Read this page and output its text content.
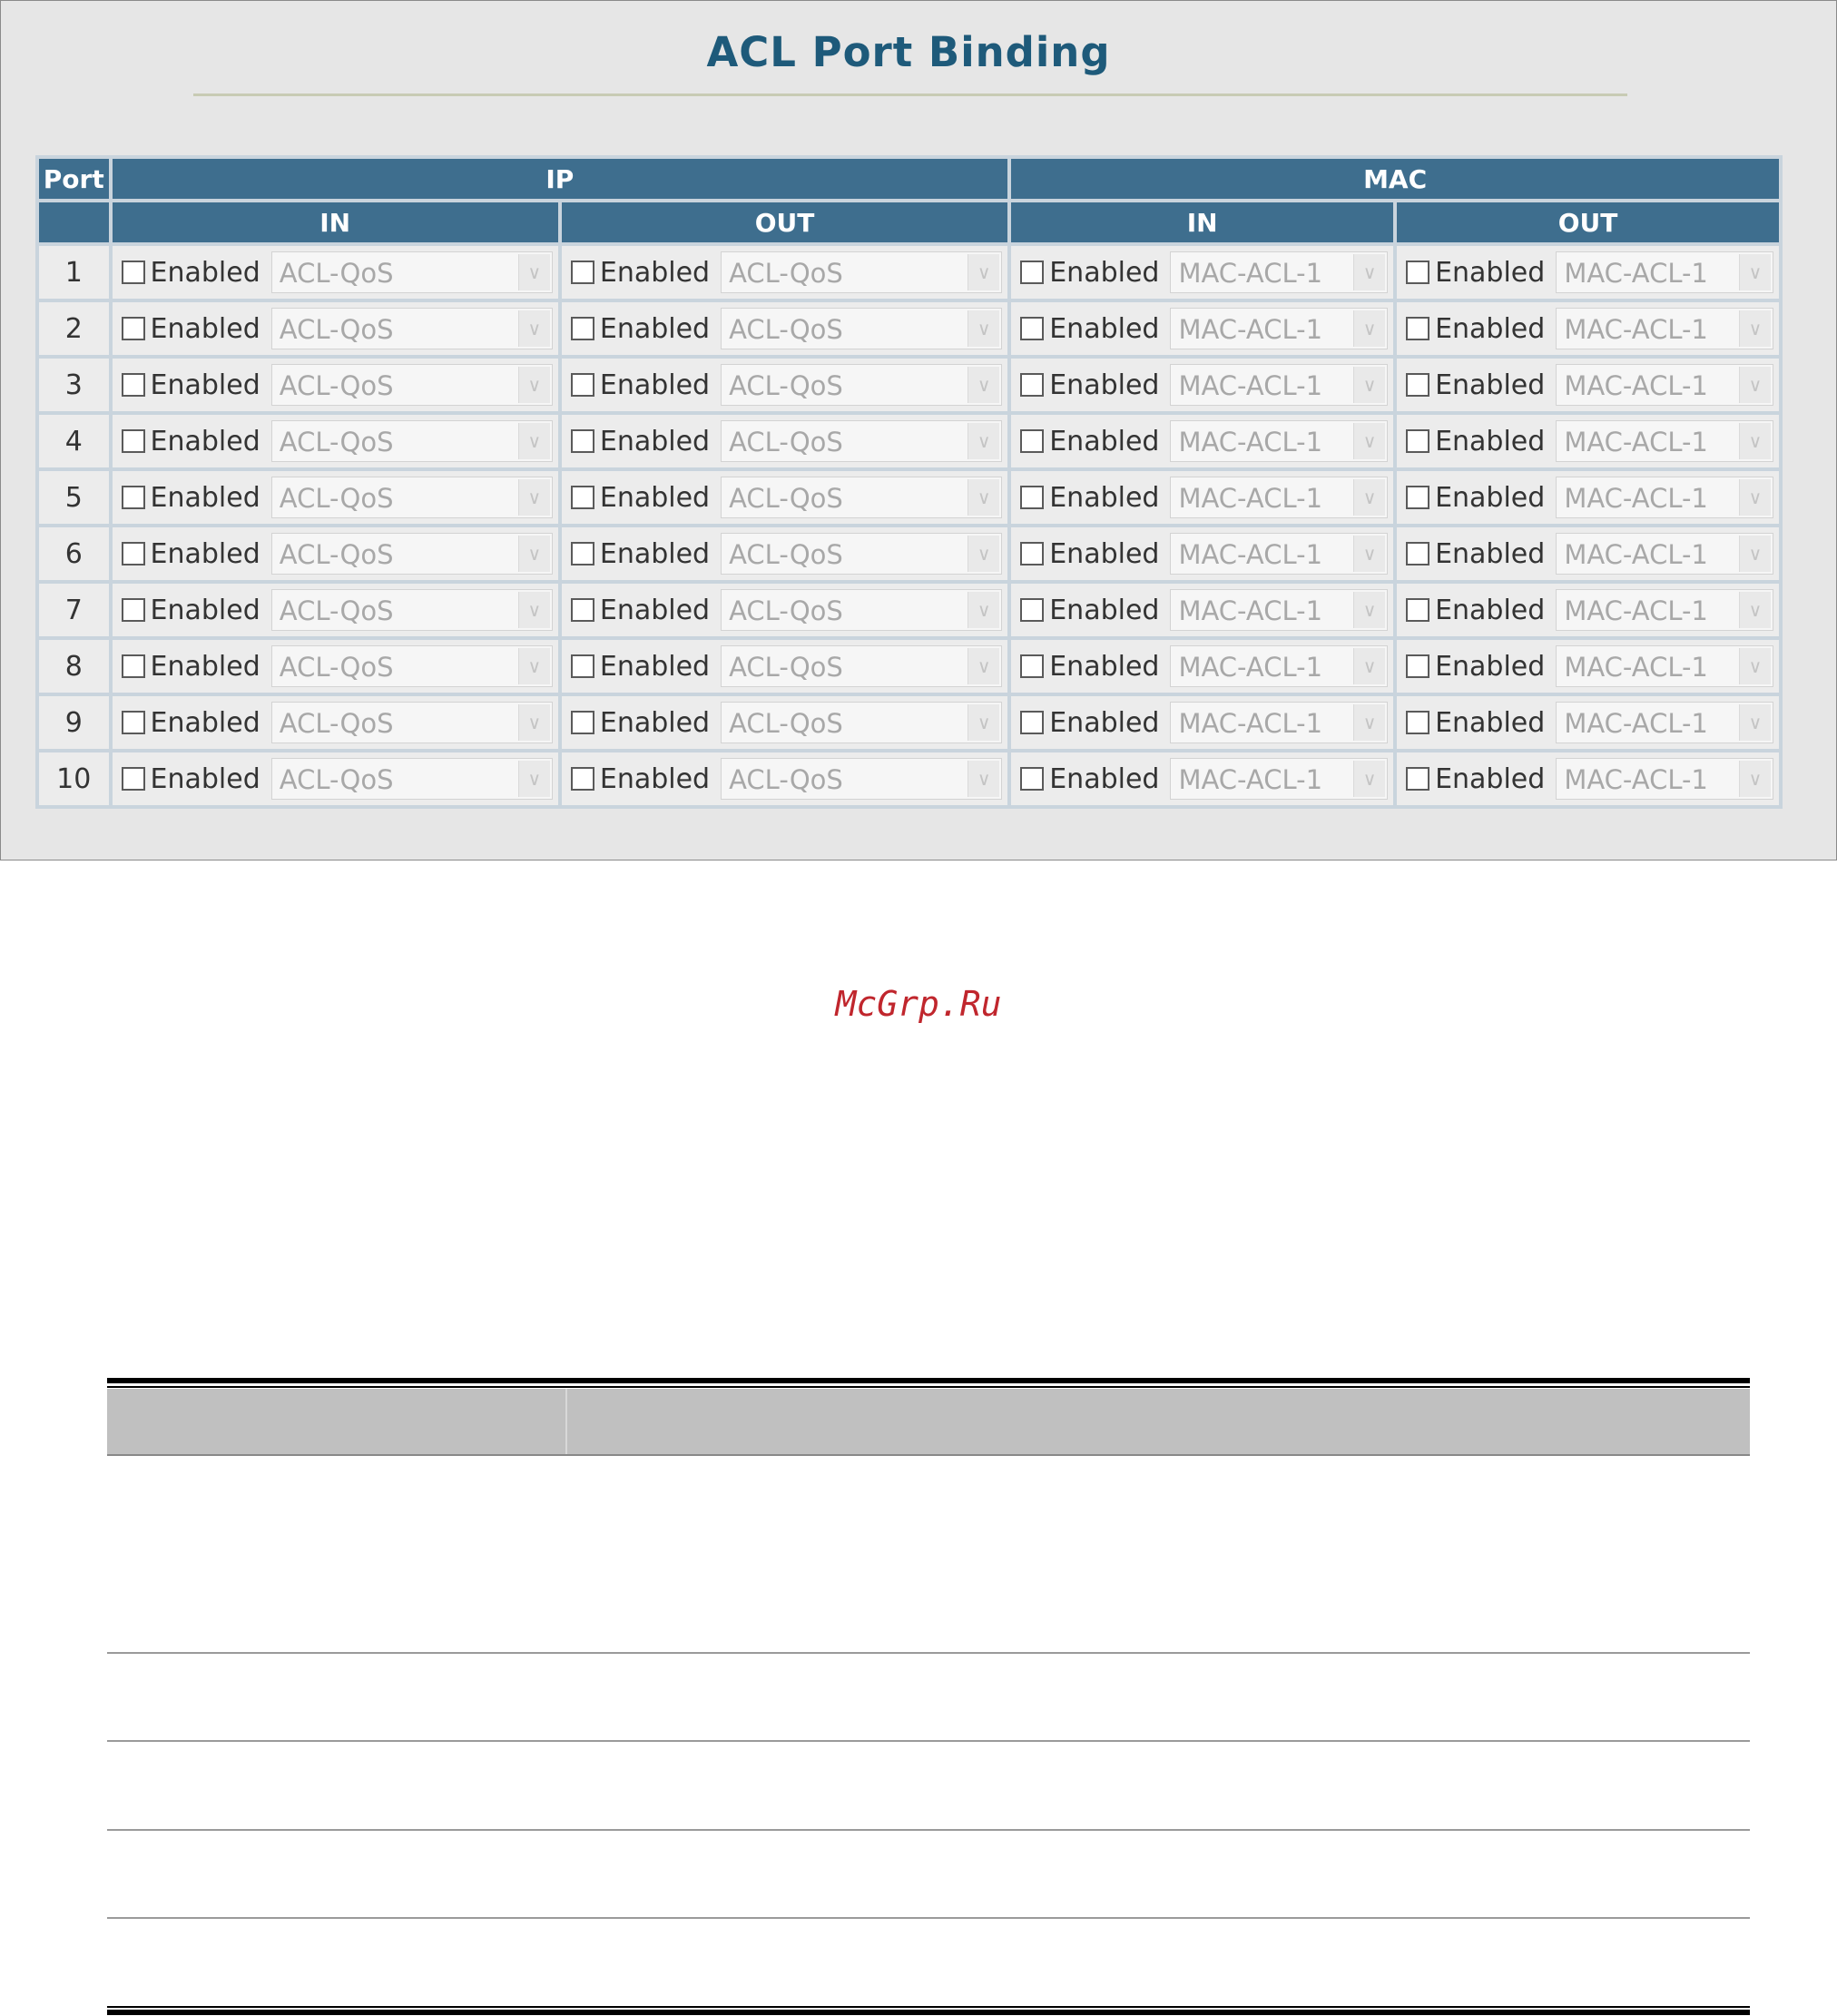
ACL Port Binding
Port	IP		MAC	
	IN	OUT	IN	OUT
1	Enabled ACL-QoS ∨	Enabled ACL-QoS ∨	Enabled MAC-ACL-1 ∨	Enabled MAC-ACL-1 ∨

2	Enabled ACL-QoS ∨	Enabled ACL-QoS ∨	Enabled MAC-ACL-1 ∨	Enabled MAC-ACL-1 ∨

3	Enabled ACL-QoS ∨	Enabled ACL-QoS ∨	Enabled MAC-ACL-1 ∨	Enabled MAC-ACL-1 ∨

4	Enabled ACL-QoS ∨	Enabled ACL-QoS ∨	Enabled MAC-ACL-1 ∨	Enabled MAC-ACL-1 ∨

5	Enabled ACL-QoS ∨	Enabled ACL-QoS ∨	Enabled MAC-ACL-1 ∨	Enabled MAC-ACL-1 ∨

6	Enabled ACL-QoS ∨	Enabled ACL-QoS ∨	Enabled MAC-ACL-1 ∨	Enabled MAC-ACL-1 ∨

7	Enabled ACL-QoS ∨	Enabled ACL-QoS ∨	Enabled MAC-ACL-1 ∨	Enabled MAC-ACL-1 ∨

8	Enabled ACL-QoS ∨	Enabled ACL-QoS ∨	Enabled MAC-ACL-1 ∨	Enabled MAC-ACL-1 ∨

9	Enabled ACL-QoS ∨	Enabled ACL-QoS ∨	Enabled MAC-ACL-1 ∨	Enabled MAC-ACL-1 ∨

10	Enabled ACL-QoS ∨	Enabled ACL-QoS ∨	Enabled MAC-ACL-1 ∨	Enabled MAC-ACL-1 ∨
McGrp.Ru
